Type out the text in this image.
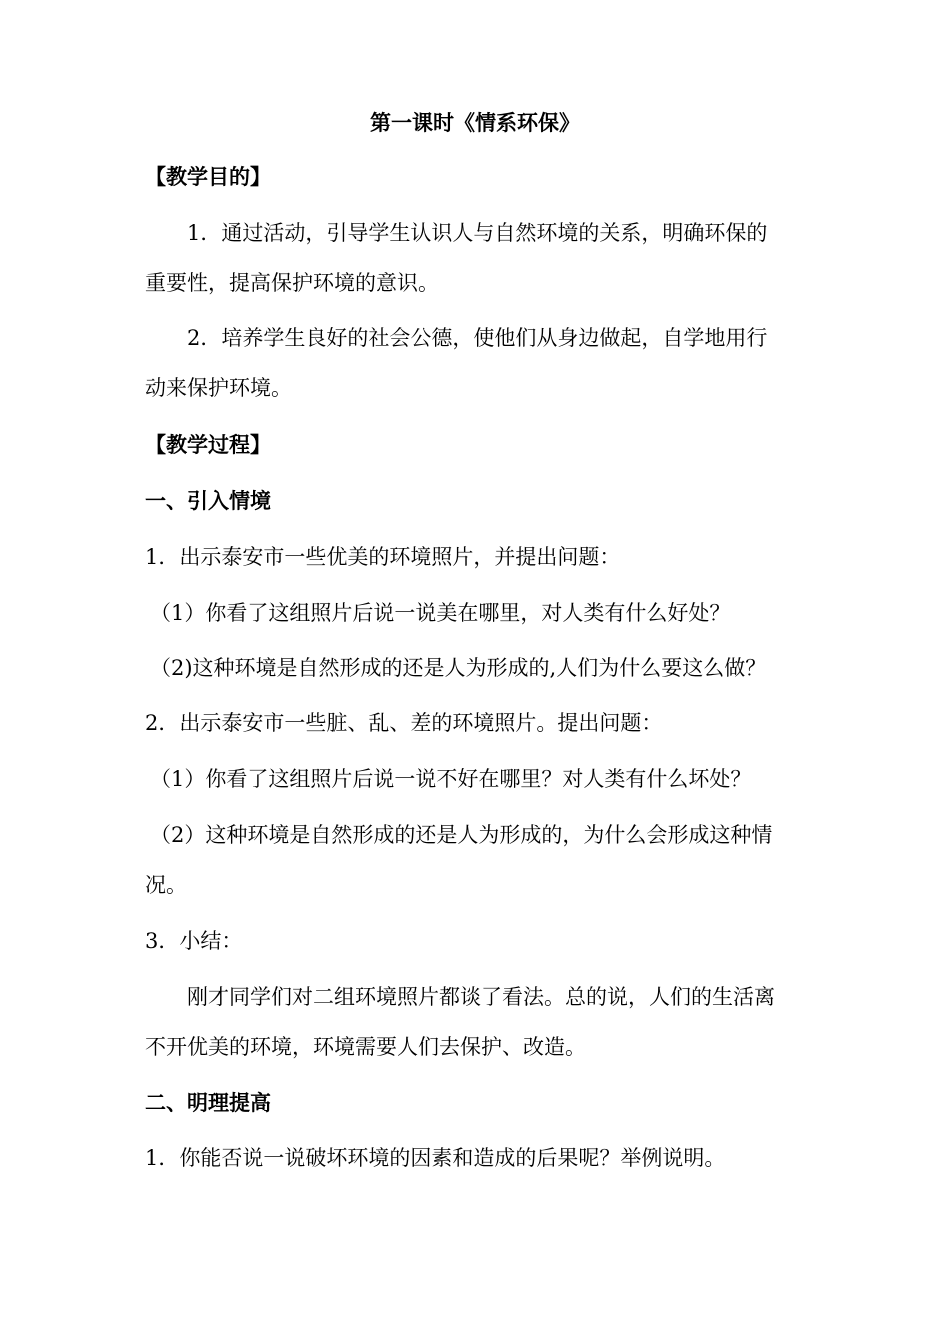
第一课时《情系环保》
【教学目的】
1．通过活动，引导学生认识人与自然环境的关系，明确环保的
重要性，提高保护环境的意识。
2．培养学生良好的社会公德，使他们从身边做起，自学地用行
动来保护环境。
【教学过程】
一、引入情境
1．出示泰安市一些优美的环境照片，并提出问题：
（1）你看了这组照片后说一说美在哪里，对人类有什么好处？
（2)这种环境是自然形成的还是人为形成的,人们为什么要这么做？
2．出示泰安市一些脏、乱、差的环境照片。提出问题：
（1）你看了这组照片后说一说不好在哪里？对人类有什么坏处？
（2）这种环境是自然形成的还是人为形成的，为什么会形成这种情
况。
3．小结：
刚才同学们对二组环境照片都谈了看法。总的说，人们的生活离
不开优美的环境，环境需要人们去保护、改造。
二、明理提高
1．你能否说一说破坏环境的因素和造成的后果呢？举例说明。
